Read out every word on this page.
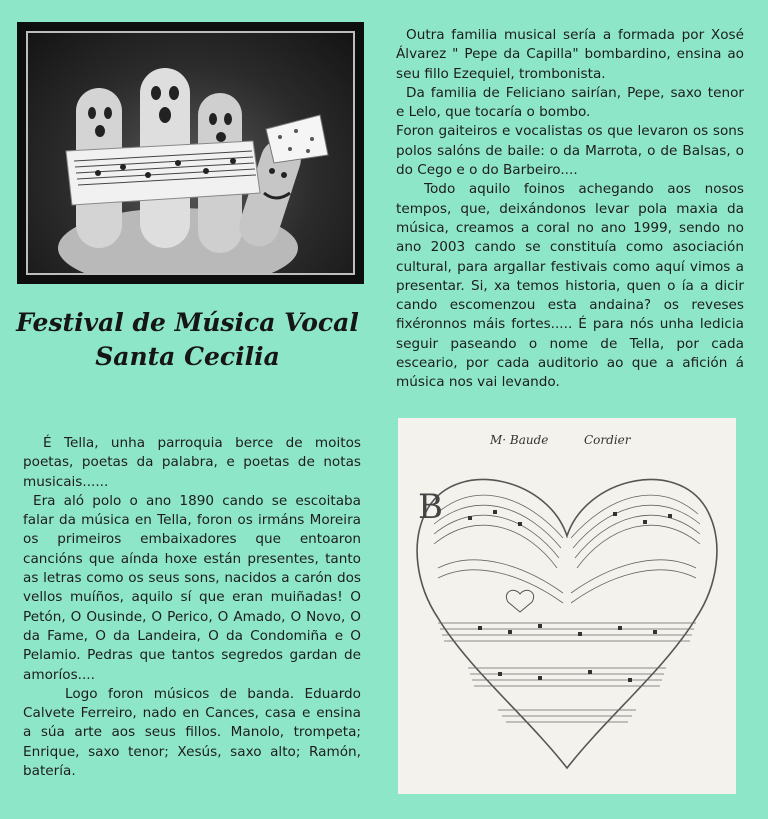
Festival de Música Vocal
Santa Cecilia

É Tella, unha parroquia berce de moitos poetas, poetas da palabra, e poetas de notas musicais......

Era aló polo o ano 1890 cando se escoitaba falar da música en Tella, foron os irmáns Moreira os primeiros embaixadores que entoaron cancións que aínda hoxe están presentes, tanto as letras como os seus sons, nacidos a carón dos vellos muíños, aquilo sí que eran muiñadas! O Petón, O Ousinde, O Perico, O Amado, O Novo, O da Fame, O da Landeira, O da Condomiña e O Pelamio. Pedras que tantos segredos gardan de amoríos....

Logo foron músicos de banda. Eduardo Calvete Ferreiro, nado en Cances, casa e ensina a súa arte aos seus fillos. Manolo, trompeta; Enrique, saxo tenor; Xesús, saxo alto; Ramón, batería.

Outra familia musical sería a formada por Xosé Álvarez " Pepe da Capilla" bombardino, ensina ao seu fillo Ezequiel, trombonista.

Da familia de Feliciano sairían, Pepe, saxo tenor e Lelo, que tocaría o bombo.

Foron gaiteiros e vocalistas os que levaron os sons polos salóns de baile: o da Marrota, o de Balsas, o do Cego e o do Barbeiro....

Todo aquilo foinos achegando aos nosos tempos, que, deixándonos levar pola maxia da música, creamos a coral no ano 1999, sendo no ano 2003 cando se constituía como asociación cultural, para argallar festivais como aquí vimos a presentar. Si, xa temos historia, quen o ía a dicir cando escomenzou esta andaina? os reveses fixéronnos máis fortes..... É para nós unha ledicia seguir paseando o nome de Tella, por cada esceario, por cada auditorio ao que a afición á música nos vai levando.

M· Baude	Cordier
B
